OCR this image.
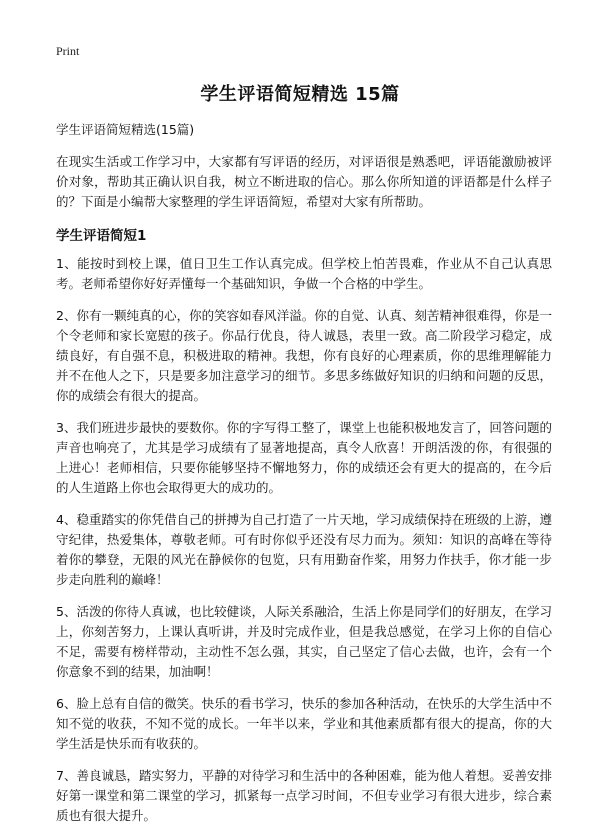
Print
学生评语简短精选 15篇

学生评语简短精选(15篇)

在现实生活或工作学习中，大家都有写评语的经历，对评语很是熟悉吧，评语能激励被评价对象，帮助其正确认识自我，树立不断进取的信心。那么你所知道的评语都是什么样子的？下面是小编帮大家整理的学生评语简短，希望对大家有所帮助。

学生评语简短1

1、能按时到校上课，值日卫生工作认真完成。但学校上怕苦畏难，作业从不自己认真思考。老师希望你好好弄懂每一个基础知识，争做一个合格的中学生。

2、你有一颗纯真的心，你的笑容如春风洋溢。你的自觉、认真、刻苦精神很难得，你是一个令老师和家长宽慰的孩子。你品行优良，待人诚恳，表里一致。高二阶段学习稳定，成绩良好，有自强不息，积极进取的精神。我想，你有良好的心理素质，你的思维理解能力并不在他人之下，只是要多加注意学习的细节。多思多练做好知识的归纳和问题的反思，你的成绩会有很大的提高。

3、我们班进步最快的要数你。你的字写得工整了，课堂上也能积极地发言了，回答问题的声音也响亮了，尤其是学习成绩有了显著地提高，真令人欣喜！开朗活泼的你，有很强的上进心！老师相信，只要你能够坚持不懈地努力，你的成绩还会有更大的提高的，在今后的人生道路上你也会取得更大的成功的。

4、稳重踏实的你凭借自己的拼搏为自己打造了一片天地，学习成绩保持在班级的上游，遵守纪律，热爱集体，尊敬老师。可有时你似乎还没有尽力而为。须知：知识的高峰在等待着你的攀登，无限的风光在静候你的包览，只有用勤奋作桨，用努力作扶手，你才能一步步走向胜利的巅峰！

5、活泼的你待人真诚，也比较健谈，人际关系融洽，生活上你是同学们的好朋友，在学习上，你刻苦努力，上课认真听讲，并及时完成作业，但是我总感觉，在学习上你的自信心不足，需要有榜样带动，主动性不怎么强，其实，自己坚定了信心去做，也许，会有一个你意象不到的结果，加油啊！

6、脸上总有自信的微笑。快乐的看书学习，快乐的参加各种活动，在快乐的大学生活中不知不觉的收获，不知不觉的成长。一年半以来，学业和其他素质都有很大的提高，你的大学生活是快乐而有收获的。

7、善良诚恳，踏实努力，平静的对待学习和生活中的各种困难，能为他人着想。妥善安排好第一课堂和第二课堂的学习，抓紧每一点学习时间，不但专业学习有很大进步，综合素质也有很大提升。
